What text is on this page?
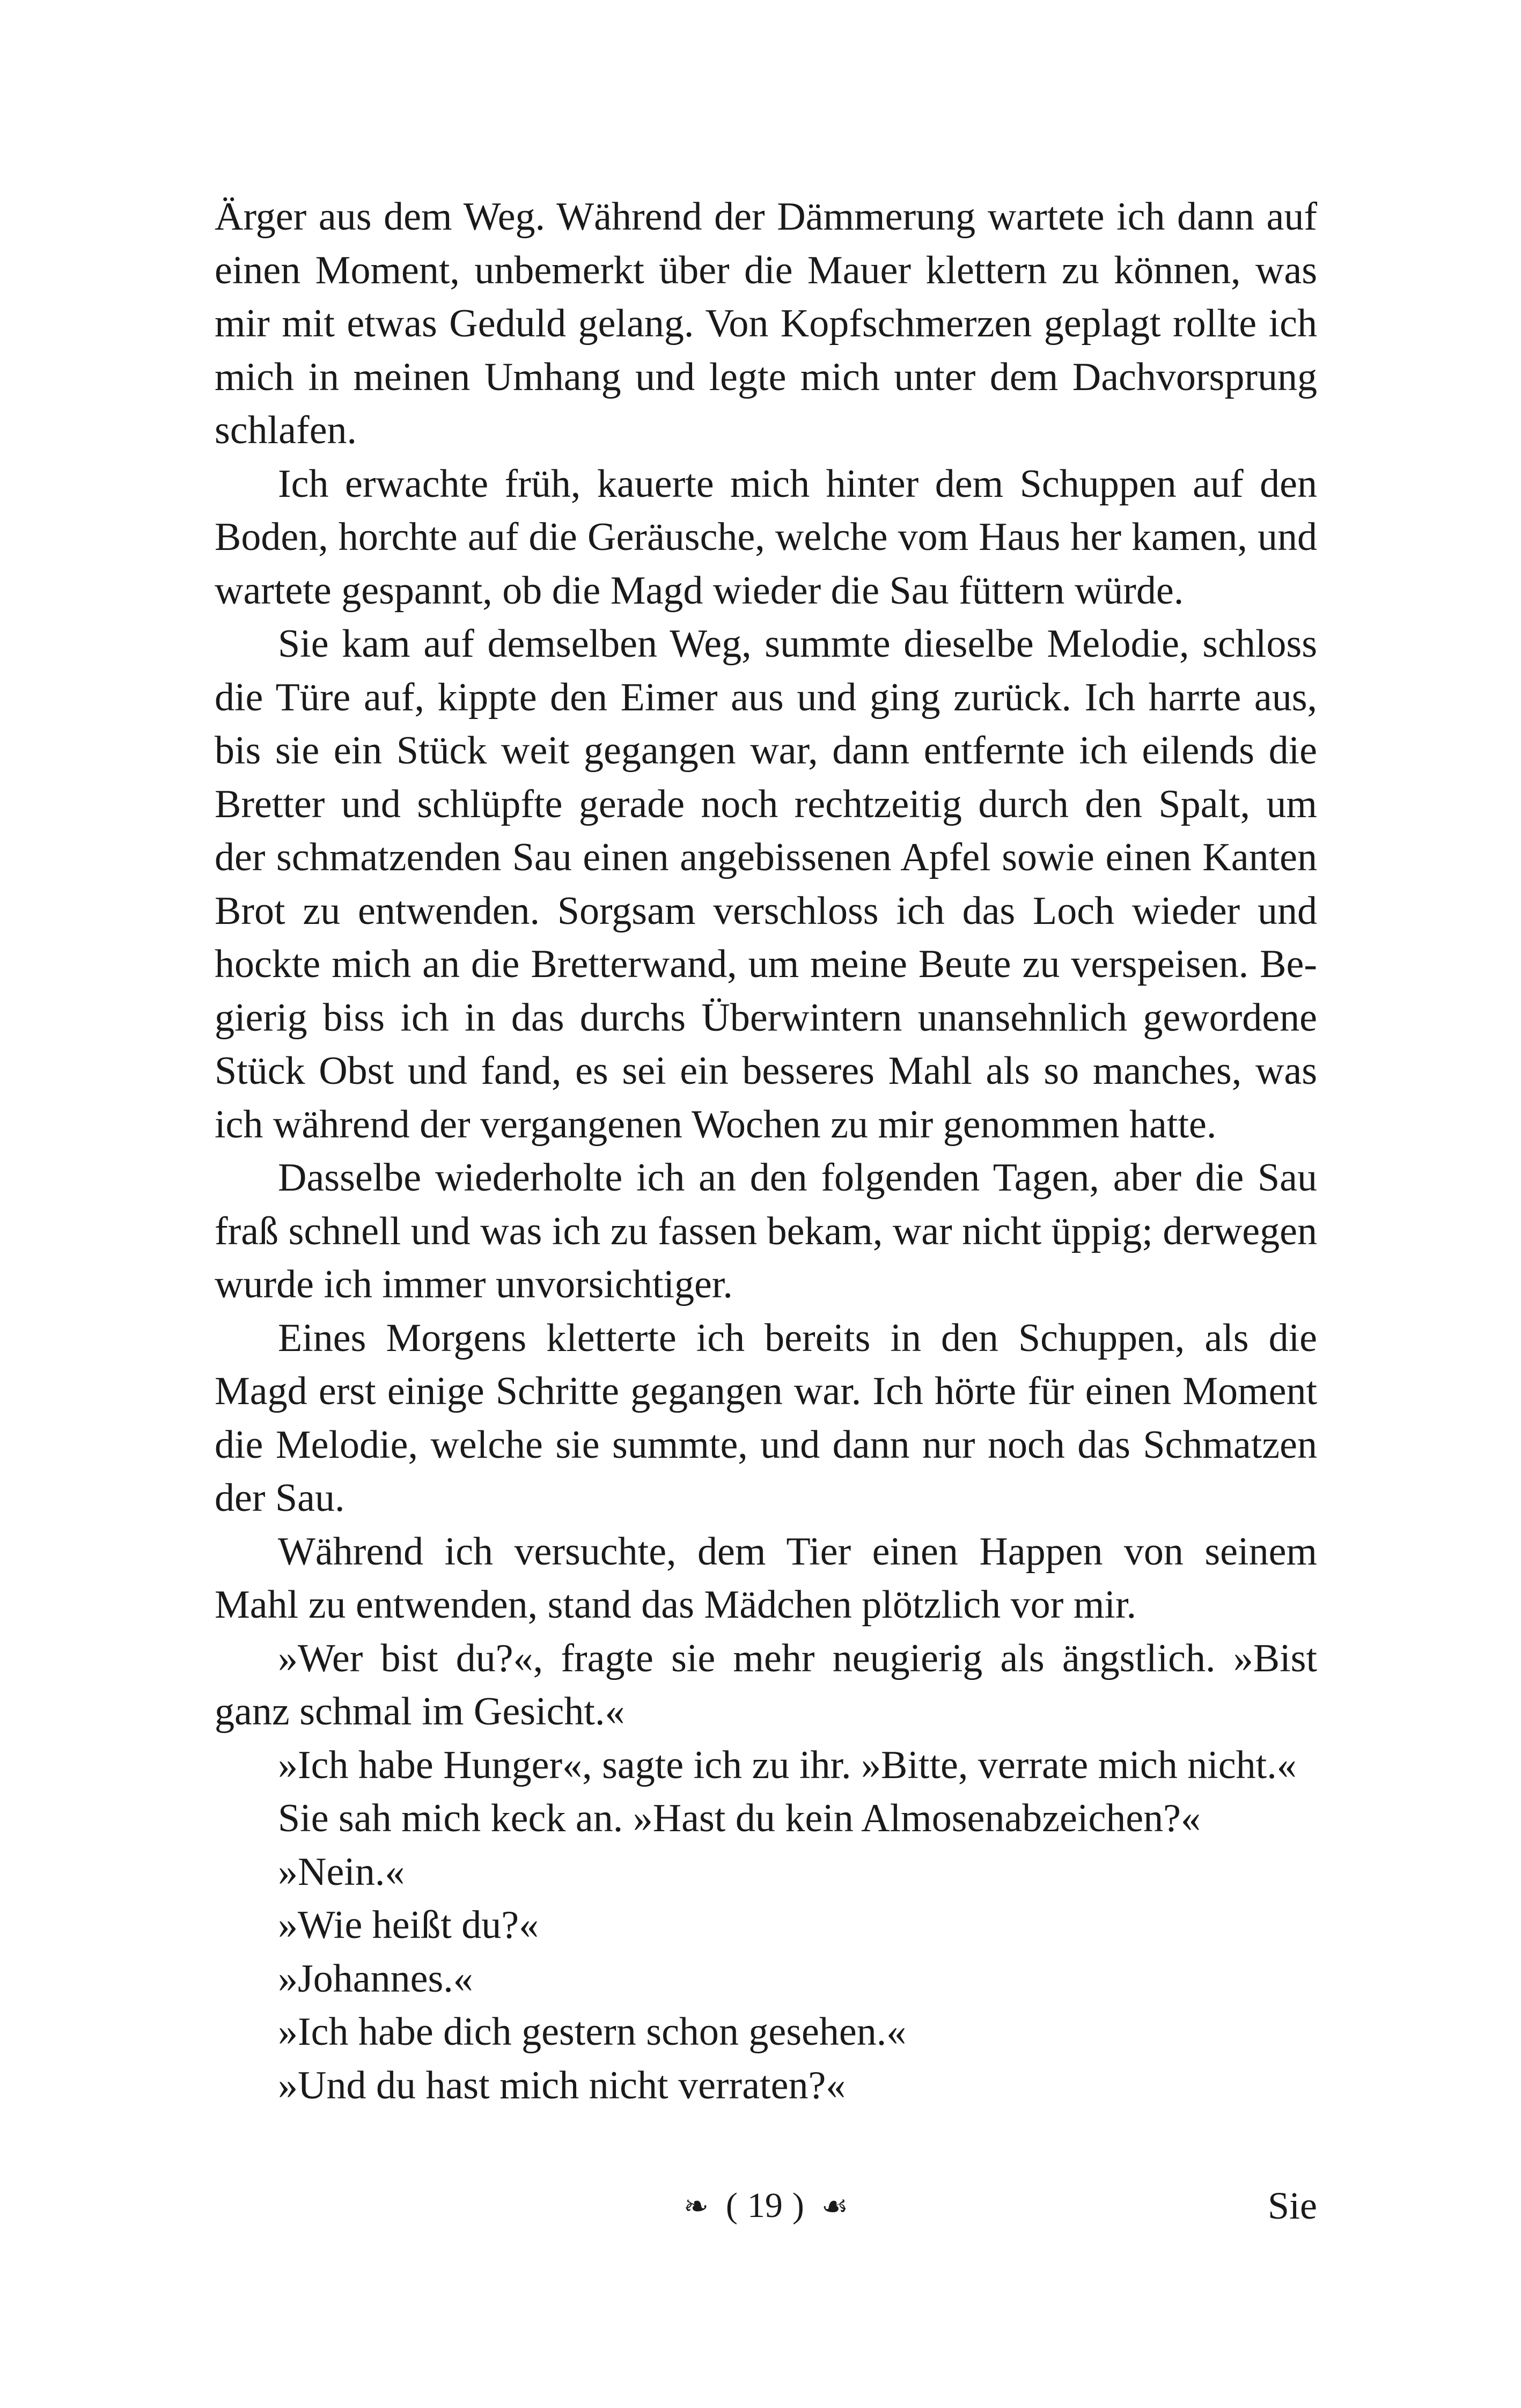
Ärger aus dem Weg. Während der Dämmerung wartete ich dann auf einen Moment, unbemerkt über die Mauer klettern zu können, was mir mit etwas Geduld gelang. Von Kopfschmerzen geplagt rollte ich mich in meinen Umhang und legte mich unter dem Dachvorsprung schlafen.

Ich erwachte früh, kauerte mich hinter dem Schuppen auf den Boden, horchte auf die Geräusche, welche vom Haus her kamen, und wartete gespannt, ob die Magd wieder die Sau füttern würde.

Sie kam auf demselben Weg, summte dieselbe Melodie, schloss die Türe auf, kippte den Eimer aus und ging zurück. Ich harrte aus, bis sie ein Stück weit gegangen war, dann entfernte ich eilends die Bretter und schlüpfte gerade noch rechtzeitig durch den Spalt, um der schmatzenden Sau einen angebissenen Apfel sowie einen Kanten Brot zu entwenden. Sorgsam verschloss ich das Loch wieder und hockte mich an die Bretterwand, um meine Beute zu verspeisen. Begierig biss ich in das durchs Überwintern unansehnlich gewordene Stück Obst und fand, es sei ein besseres Mahl als so manches, was ich während der vergangenen Wochen zu mir genommen hatte.

Dasselbe wiederholte ich an den folgenden Tagen, aber die Sau fraß schnell und was ich zu fassen bekam, war nicht üppig; derwegen wurde ich immer unvorsichtiger.

Eines Morgens kletterte ich bereits in den Schuppen, als die Magd erst einige Schritte gegangen war. Ich hörte für einen Moment die Melodie, welche sie summte, und dann nur noch das Schmatzen der Sau.

Während ich versuchte, dem Tier einen Happen von seinem Mahl zu entwenden, stand das Mädchen plötzlich vor mir.

»Wer bist du?«, fragte sie mehr neugierig als ängstlich. »Bist ganz schmal im Gesicht.«

»Ich habe Hunger«, sagte ich zu ihr. »Bitte, verrate mich nicht.«

Sie sah mich keck an. »Hast du kein Almosenabzeichen?«

»Nein.«

»Wie heißt du?«

»Johannes.«

»Ich habe dich gestern schon gesehen.«

»Und du hast mich nicht verraten?«

❧ ( 19 ) ☙	Sie
